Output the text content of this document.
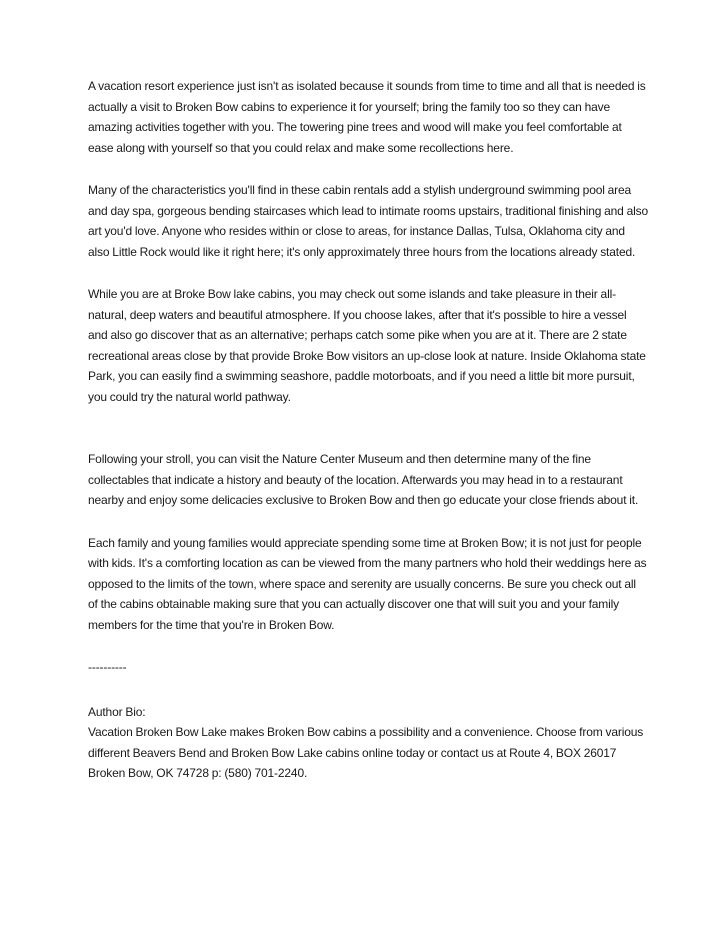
A vacation resort experience just isn't as isolated because it sounds from time to time and all that is needed is actually a visit to Broken Bow cabins to experience it for yourself; bring the family too so they can have amazing activities together with you. The towering pine trees and wood will make you feel comfortable at ease along with yourself so that you could relax and make some recollections here.

Many of the characteristics you'll find in these cabin rentals add a stylish underground swimming pool area and day spa, gorgeous bending staircases which lead to intimate rooms upstairs, traditional finishing and also art you'd love. Anyone who resides within or close to areas, for instance Dallas, Tulsa, Oklahoma city and also Little Rock would like it right here; it's only approximately three hours from the locations already stated.

While you are at Broke Bow lake cabins, you may check out some islands and take pleasure in their all-natural, deep waters and beautiful atmosphere. If you choose lakes, after that it's possible to hire a vessel and also go discover that as an alternative; perhaps catch some pike when you are at it. There are 2 state recreational areas close by that provide Broke Bow visitors an up-close look at nature. Inside Oklahoma state Park, you can easily find a swimming seashore, paddle motorboats, and if you need a little bit more pursuit, you could try the natural world pathway.

Following your stroll, you can visit the Nature Center Museum and then determine many of the fine collectables that indicate a history and beauty of the location. Afterwards you may head in to a restaurant nearby and enjoy some delicacies exclusive to Broken Bow and then go educate your close friends about it.

Each family and young families would appreciate spending some time at Broken Bow; it is not just for people with kids. It's a comforting location as can be viewed from the many partners who hold their weddings here as opposed to the limits of the town, where space and serenity are usually concerns. Be sure you check out all of the cabins obtainable making sure that you can actually discover one that will suit you and your family members for the time that you're in Broken Bow.

----------

Author Bio:

Vacation Broken Bow Lake makes Broken Bow cabins a possibility and a convenience. Choose from various different Beavers Bend and Broken Bow Lake cabins online today or contact us at Route 4, BOX 26017 Broken Bow, OK 74728 p: (580) 701-2240.
